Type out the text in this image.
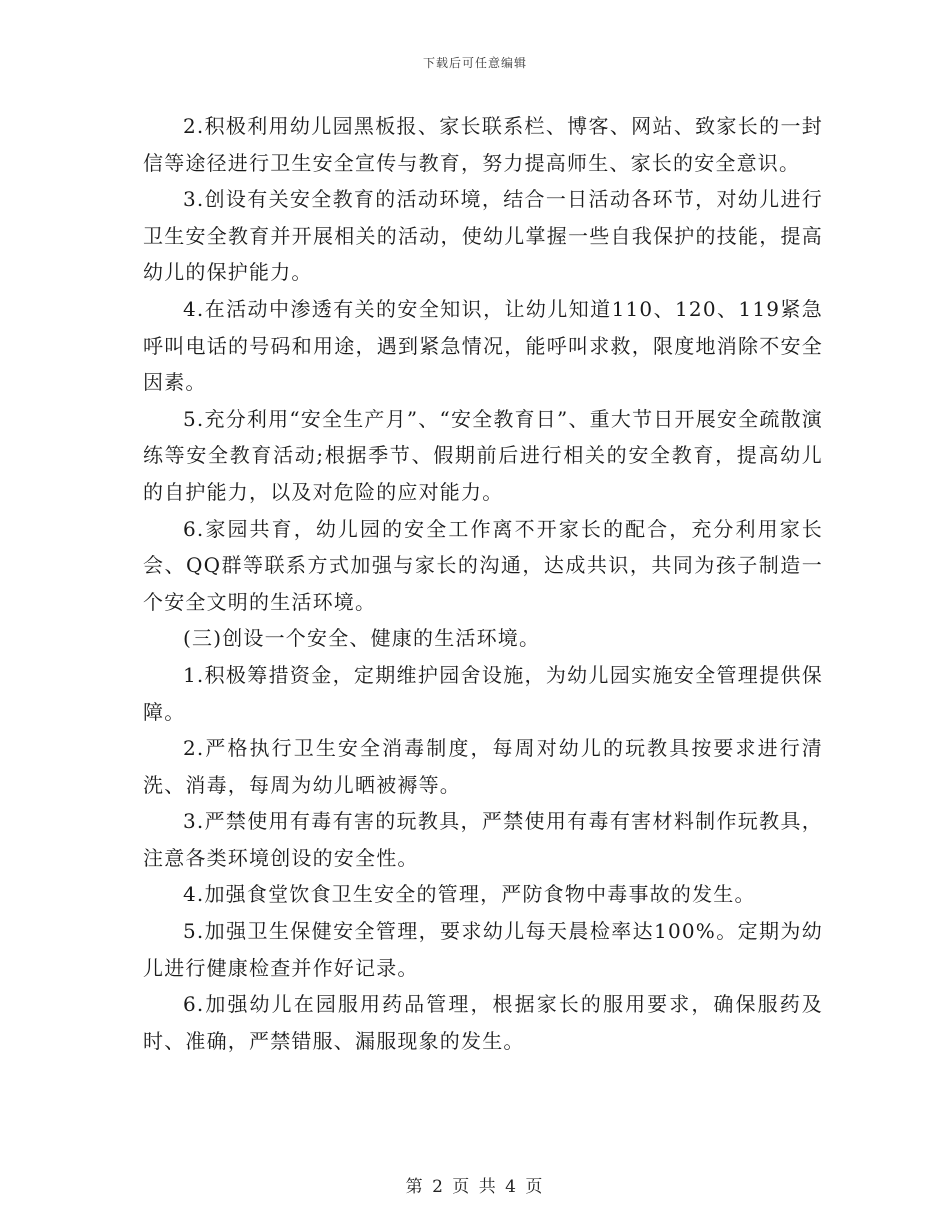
下载后可任意编辑

2.积极利用幼儿园黑板报、家长联系栏、博客、网站、致家长的一封信等途径进行卫生安全宣传与教育，努力提高师生、家长的安全意识。

3.创设有关安全教育的活动环境，结合一日活动各环节，对幼儿进行卫生安全教育并开展相关的活动，使幼儿掌握一些自我保护的技能，提高幼儿的保护能力。

4.在活动中渗透有关的安全知识，让幼儿知道110、120、119紧急呼叫电话的号码和用途，遇到紧急情况，能呼叫求救，限度地消除不安全因素。

5.充分利用“安全生产月”、“安全教育日”、重大节日开展安全疏散演练等安全教育活动;根据季节、假期前后进行相关的安全教育，提高幼儿的自护能力，以及对危险的应对能力。

6.家园共育，幼儿园的安全工作离不开家长的配合，充分利用家长会、QQ群等联系方式加强与家长的沟通，达成共识，共同为孩子制造一个安全文明的生活环境。

(三)创设一个安全、健康的生活环境。

1.积极筹措资金，定期维护园舍设施，为幼儿园实施安全管理提供保障。

2.严格执行卫生安全消毒制度，每周对幼儿的玩教具按要求进行清洗、消毒，每周为幼儿晒被褥等。

3.严禁使用有毒有害的玩教具，严禁使用有毒有害材料制作玩教具，注意各类环境创设的安全性。

4.加强食堂饮食卫生安全的管理，严防食物中毒事故的发生。

5.加强卫生保健安全管理，要求幼儿每天晨检率达100%。定期为幼儿进行健康检查并作好记录。

6.加强幼儿在园服用药品管理，根据家长的服用要求，确保服药及时、准确，严禁错服、漏服现象的发生。

第 2 页 共 4 页
